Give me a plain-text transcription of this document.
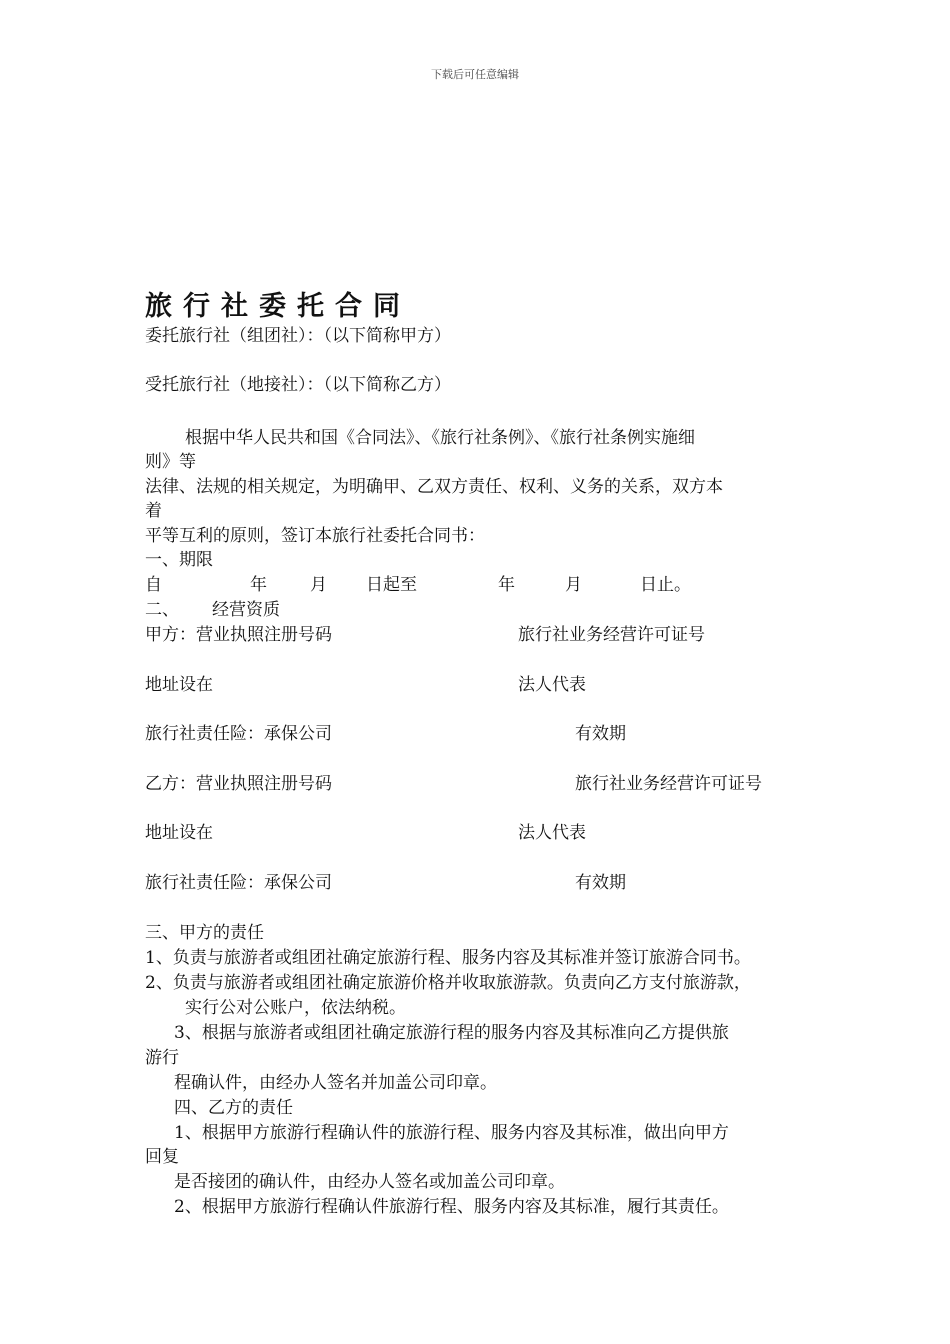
下载后可任意编辑
旅行社委托合同
委托旅行社（组团社）：（以下简称甲方）
受托旅行社（地接社）：（以下简称乙方）
根据中华人民共和国《合同法》、《旅行社条例》、《旅行社条例实施细
则》等
法律、法规的相关规定，为明确甲、乙双方责任、权利、义务的关系，双方本
着
平等互利的原则，签订本旅行社委托合同书：
一、期限
自	年	月 日起至	年	月	日止。
二、 经营资质
甲方：营业执照注册号码	旅行社业务经营许可证号
地址设在	法人代表
旅行社责任险：承保公司	有效期
乙方：营业执照注册号码	旅行社业务经营许可证号
地址设在	法人代表
旅行社责任险：承保公司	有效期
三、甲方的责任
1、负责与旅游者或组团社确定旅游行程、服务内容及其标准并签订旅游合同书。
2、负责与旅游者或组团社确定旅游价格并收取旅游款。负责向乙方支付旅游款，
实行公对公账户，依法纳税。
3、根据与旅游者或组团社确定旅游行程的服务内容及其标准向乙方提供旅
游行
程确认件，由经办人签名并加盖公司印章。
四、乙方的责任
1、根据甲方旅游行程确认件的旅游行程、服务内容及其标准，做出向甲方
回复
是否接团的确认件，由经办人签名或加盖公司印章。
2、根据甲方旅游行程确认件旅游行程、服务内容及其标准，履行其责任。
